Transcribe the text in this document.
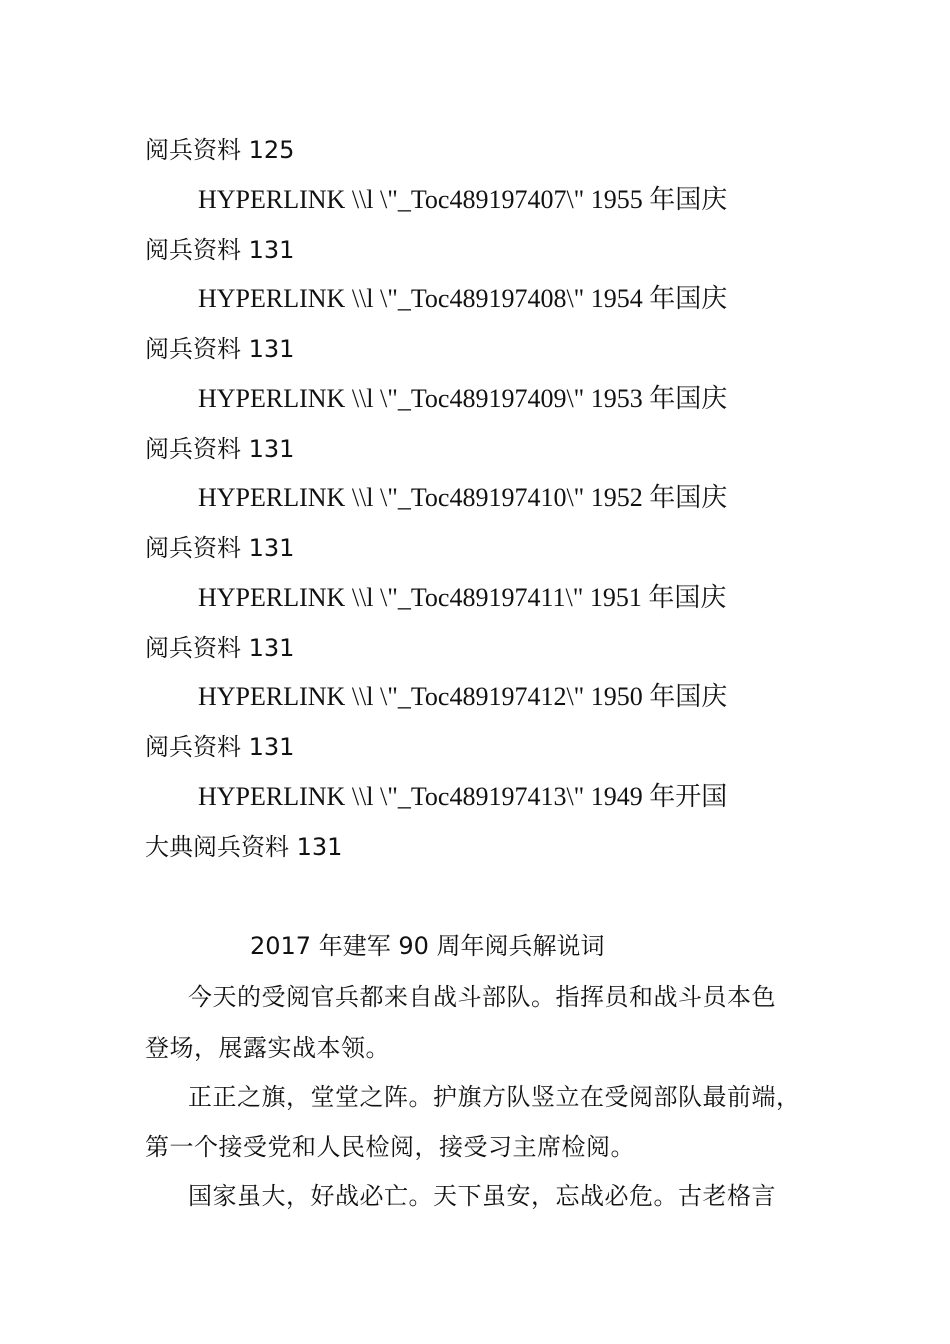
阅兵资料 125
HYPERLINK \\l \"_Toc489197407\" 1955 年国庆
阅兵资料 131
HYPERLINK \\l \"_Toc489197408\" 1954 年国庆
阅兵资料 131
HYPERLINK \\l \"_Toc489197409\" 1953 年国庆
阅兵资料 131
HYPERLINK \\l \"_Toc489197410\" 1952 年国庆
阅兵资料 131
HYPERLINK \\l \"_Toc489197411\" 1951 年国庆
阅兵资料 131
HYPERLINK \\l \"_Toc489197412\" 1950 年国庆
阅兵资料 131
HYPERLINK \\l \"_Toc489197413\" 1949 年开国
大典阅兵资料 131
2017 年建军 90 周年阅兵解说词
今天的受阅官兵都来自战斗部队。指挥员和战斗员本色
登场，展露实战本领。
正正之旗，堂堂之阵。护旗方队竖立在受阅部队最前端，
第一个接受党和人民检阅，接受习主席检阅。
国家虽大，好战必亡。天下虽安，忘战必危。古老格言
